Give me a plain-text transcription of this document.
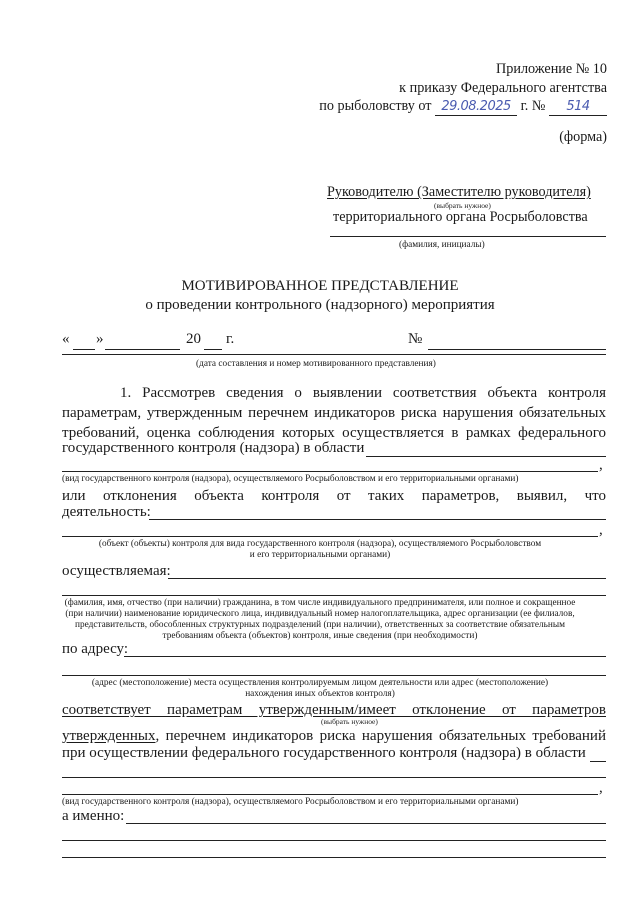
Приложение № 10
к приказу Федерального агентства
по рыболовству от 29.08.2025 г. № 514
(форма)
Руководителю (Заместителю руководителя)
(выбрать нужное)
территориального органа Росрыболовства
(фамилия, инициалы)
МОТИВИРОВАННОЕ ПРЕДСТАВЛЕНИЕ
о проведении контрольного (надзорного) мероприятия
« »	20 г.	№
(дата составления и номер мотивированного представления)
1. Рассмотрев сведения о выявлении соответствия объекта контроля
параметрам, утвержденным перечнем индикаторов риска нарушения обязательных
требований, оценка соблюдения которых осуществляется в рамках федерального
государственного контроля (надзора) в области
,
(вид государственного контроля (надзора), осуществляемого Росрыболовством и его территориальными органами)
или отклонения объекта контроля от таких параметров, выявил, что
деятельность:
,
(объект (объекты) контроля для вида государственного контроля (надзора), осуществляемого Росрыболовством
и его территориальными органами)
осуществляемая:
(фамилия, имя, отчество (при наличии) гражданина, в том числе индивидуального предпринимателя, или полное и сокращенное
(при наличии) наименование юридического лица, индивидуальный номер налогоплательщика, адрес организации (ее филиалов,
представительств, обособленных структурных подразделений (при наличии), ответственных за соответствие обязательным
требованиям объекта (объектов) контроля, иные сведения (при необходимости)
по адресу:
(адрес (местоположение) места осуществления контролируемым лицом деятельности или адрес (местоположение)
нахождения иных объектов контроля)
соответствует параметрам утвержденным/имеет отклонение от параметров
(выбрать нужное)
утвержденных, перечнем индикаторов риска нарушения обязательных требований
при осуществлении федерального государственного контроля (надзора) в области
,
(вид государственного контроля (надзора), осуществляемого Росрыболовством и его территориальными органами)
а именно:
